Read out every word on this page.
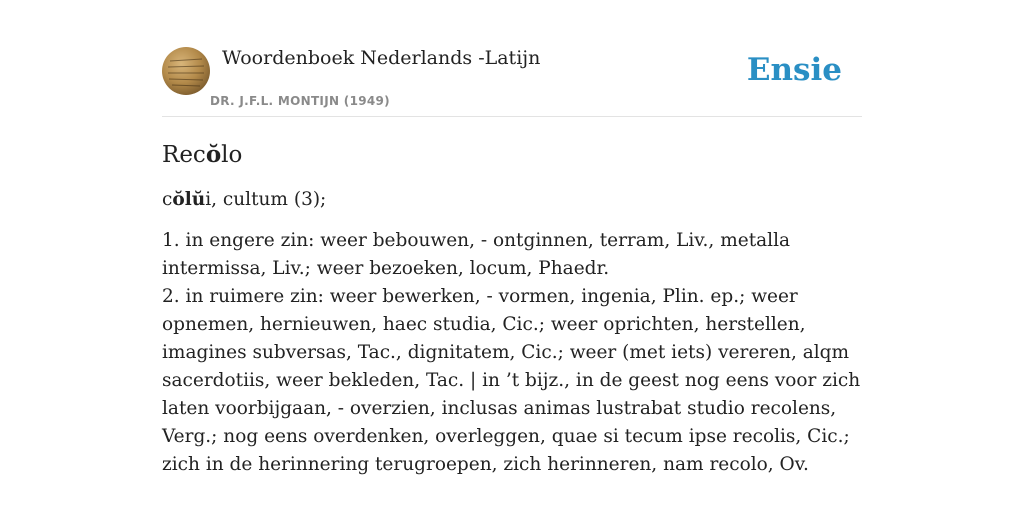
Woordenboek Nederlands -Latijn
DR. J.F.L. MONTIJN (1949)
Ensie
Recŏlo
cŏlŭi, cultum (3);

1. in engere zin: weer bebouwen, - ontginnen, terram, Liv., metalla intermissa, Liv.; weer bezoeken, locum, Phaedr.

2. in ruimere zin: weer bewerken, - vormen, ingenia, Plin. ep.; weer opnemen, hernieuwen, haec studia, Cic.; weer oprichten, herstellen, imagines subversas, Tac., dignitatem, Cic.; weer (met iets) vereren, alqm sacerdotiis, weer bekleden, Tac. | in ’t bijz., in de geest nog eens voor zich laten voorbijgaan, - overzien, inclusas animas lustrabat studio recolens, Verg.; nog eens overdenken, overleggen, quae si tecum ipse recolis, Cic.; zich in de herinnering terugroepen, zich herinneren, nam recolo, Ov.
